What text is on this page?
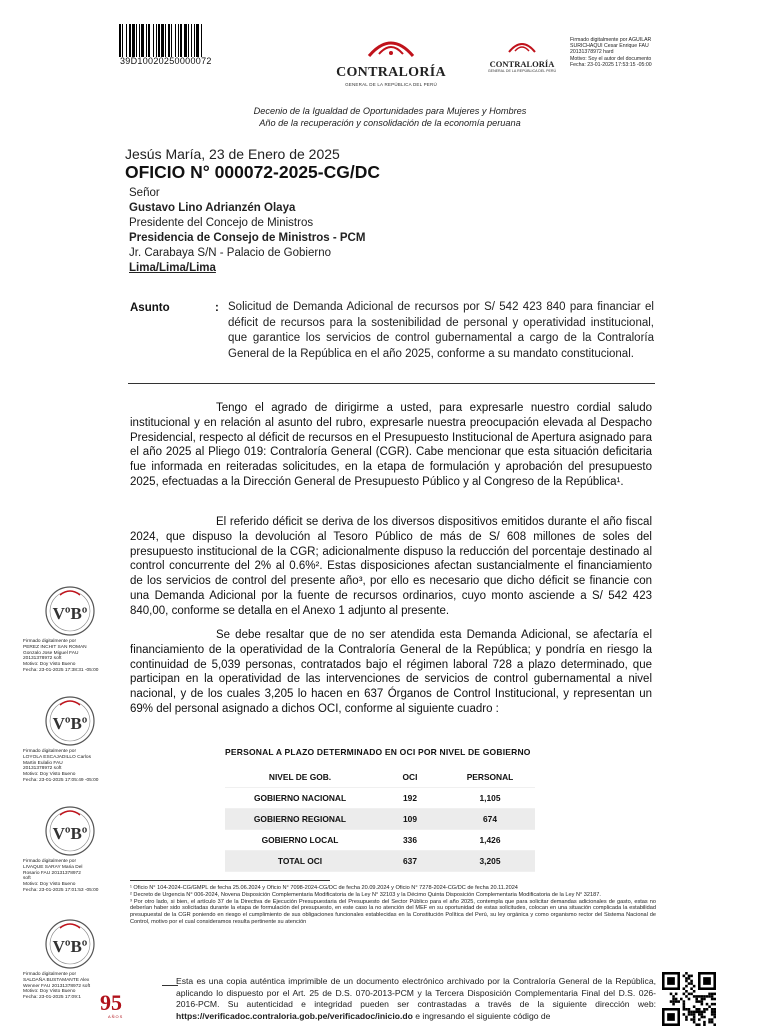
39D10020250000072
CONTRALORÍA
GENERAL DE LA REPÚBLICA DEL PERÚ
CONTRALORÍA
GENERAL DE LA REPÚBLICA DEL PERÚ
Firmado digitalmente por AGUILAR
SURICHAQUI Cesar Enrique FAU
20131378972 hard
Motivo: Soy el autor del documento
Fecha: 23-01-2025 17:53:15 -05:00
Decenio de la Igualdad de Oportunidades para Mujeres y Hombres
Año de la recuperación y consolidación de la economía peruana
Jesús María, 23 de Enero de 2025
OFICIO N° 000072-2025-CG/DC
Señor
Gustavo Lino Adrianzén Olaya
Presidente del Concejo de Ministros
Presidencia de Consejo de Ministros - PCM
Jr. Carabaya S/N - Palacio de Gobierno
Lima/Lima/Lima
Asunto	: Solicitud de Demanda Adicional de recursos por S/ 542 423 840 para financiar el déficit de recursos para la sostenibilidad de personal y operatividad institucional, que garantice los servicios de control gubernamental a cargo de la Contraloría General de la República en el año 2025, conforme a su mandato constitucional.
Tengo el agrado de dirigirme a usted, para expresarle nuestro cordial saludo institucional y en relación al asunto del rubro, expresarle nuestra preocupación elevada al Despacho Presidencial, respecto al déficit de recursos en el Presupuesto Institucional de Apertura asignado para el año 2025 al Pliego 019: Contraloría General (CGR). Cabe mencionar que esta situación deficitaria fue informada en reiteradas solicitudes, en la etapa de formulación y aprobación del presupuesto 2025, efectuadas a la Dirección General de Presupuesto Público y al Congreso de la República¹.
El referido déficit se deriva de los diversos dispositivos emitidos durante el año fiscal 2024, que dispuso la devolución al Tesoro Público de más de S/ 608 millones de soles del presupuesto institucional de la CGR; adicionalmente dispuso la reducción del porcentaje destinado al control concurrente del 2% al 0.6%². Estas disposiciones afectan sustancialmente el financiamiento de los servicios de control del presente año³, por ello es necesario que dicho déficit se financie con una Demanda Adicional por la fuente de recursos ordinarios, cuyo monto asciende a S/ 542 423 840,00, conforme se detalla en el Anexo 1 adjunto al presente.
Se debe resaltar que de no ser atendida esta Demanda Adicional, se afectaría el financiamiento de la operatividad de la Contraloría General de la República; y pondría en riesgo la continuidad de 5,039 personas, contratados bajo el régimen laboral 728 a plazo determinado, que participan en la operatividad de las intervenciones de servicios de control gubernamental a nivel nacional, y de los cuales 3,205 lo hacen en 637 Órganos de Control Institucional, y representan un 69% del personal asignado a dichos OCI, conforme al siguiente cuadro :
PERSONAL A PLAZO DETERMINADO EN OCI POR NIVEL DE GOBIERNO
NIVEL DE GOB.	OCI	PERSONAL
GOBIERNO NACIONAL	192	1,105
GOBIERNO REGIONAL	109	674
GOBIERNO LOCAL	336	1,426
TOTAL OCI	637	3,205
¹ Oficio N° 104-2024-CG/GMPL de fecha 25.06.2024 y Oficio N° 7098-2024-CG/DC de fecha 20.09.2024 y Oficio N° 7278-2024-CG/DC de fecha 20.11.2024
² Decreto de Urgencia N° 006-2024, Novena Disposición Complementaria Modificatoria de la Ley N° 32103 y la Décimo Quinta Disposición Complementaria Modificatoria de la Ley N° 32187.
³ Por otro lado, si bien, el artículo 37 de la Directiva de Ejecución Presupuestaria del Presupuesto del Sector Público para el año 2025, contempla que para solicitar demandas adicionales de gasto, estas no deberían haber sido solicitadas durante la etapa de formulación del presupuesto, en este caso la no atención del MEF en su oportunidad de estas solicitudes, colocan en una situación complicada la estabilidad presupuestal de la CGR poniendo en riesgo el cumplimiento de sus obligaciones funcionales establecidas en la Constitución Política del Perú, su ley orgánica y como organismo rector del Sistema Nacional de Control, motivo por el cual consideramos resulta pertinente su atención
Esta es una copia auténtica imprimible de un documento electrónico archivado por la Contraloría General de la República, aplicando lo dispuesto por el Art. 25 de D.S. 070-2013-PCM y la Tercera Disposición Complementaria Final del D.S. 026- 2016-PCM. Su autenticidad e integridad pueden ser contrastadas a través de la siguiente dirección web: https://verificadoc.contraloria.gob.pe/verificadoc/inicio.do e ingresando el siguiente código de
VºBº
Firmado digitalmente por
PEREZ INCHIT SAN ROMAN
Gonzalo Jose Miguel FAU
20131378972 soft
Motivo: Doy Visto Bueno
Fecha: 23-01-2025 17:38:31 -05:00
VºBº
Firmado digitalmente por
LOYOLA ESCAJADILLO Carlos
Martin Eulalio FAU
20131378972 soft
Motivo: Doy Visto Bueno
Fecha: 23-01-2025 17:05:49 -05:00
VºBº
Firmado digitalmente por
LIVAQUE SARAY Maria Del
Rosario FAU 20131378972
soft
Motivo: Doy Visto Bueno
Fecha: 23-01-2025 17:01:53 -05:00
VºBº
Firmado digitalmente por
SALDAÑA BUSTAMANTE Alex
Wenner FAU 20131378972 soft
Motivo: Doy Visto Bueno
Fecha: 23-01-2025 17:09:1 95
AÑOS
